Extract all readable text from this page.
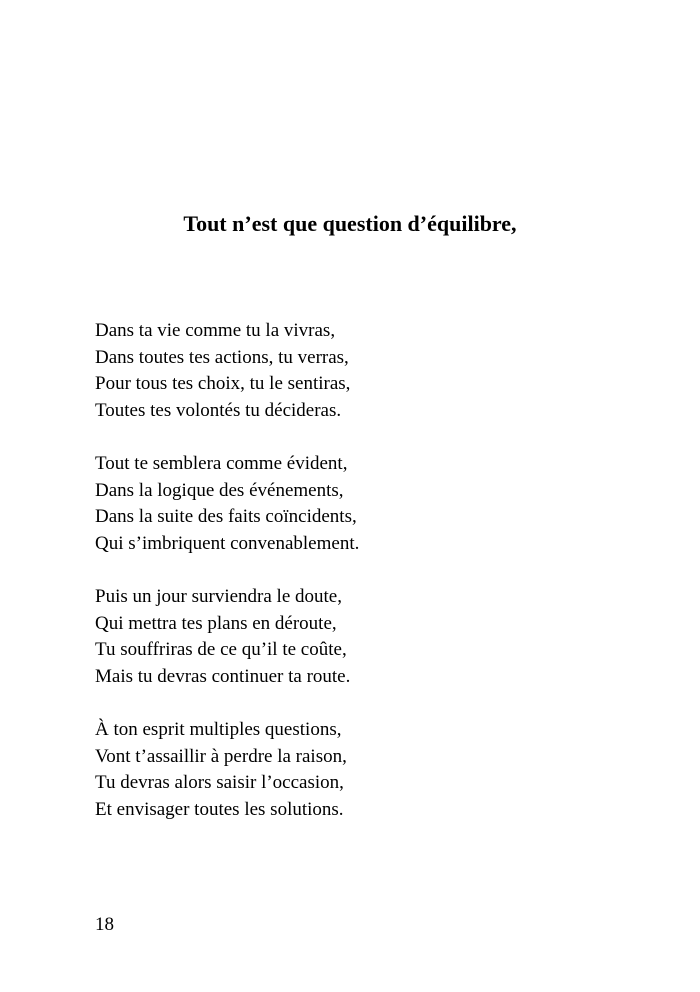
Tout n’est que question d’équilibre,
Dans ta vie comme tu la vivras,
Dans toutes tes actions, tu verras,
Pour tous tes choix, tu le sentiras,
Toutes tes volontés tu décideras.
Tout te semblera comme évident,
Dans la logique des événements,
Dans la suite des faits coïncidents,
Qui s’imbriquent convenablement.
Puis un jour surviendra le doute,
Qui mettra tes plans en déroute,
Tu souffriras de ce qu’il te coûte,
Mais tu devras continuer ta route.
À ton esprit multiples questions,
Vont t’assaillir à perdre la raison,
Tu devras alors saisir l’occasion,
Et envisager toutes les solutions.
18
